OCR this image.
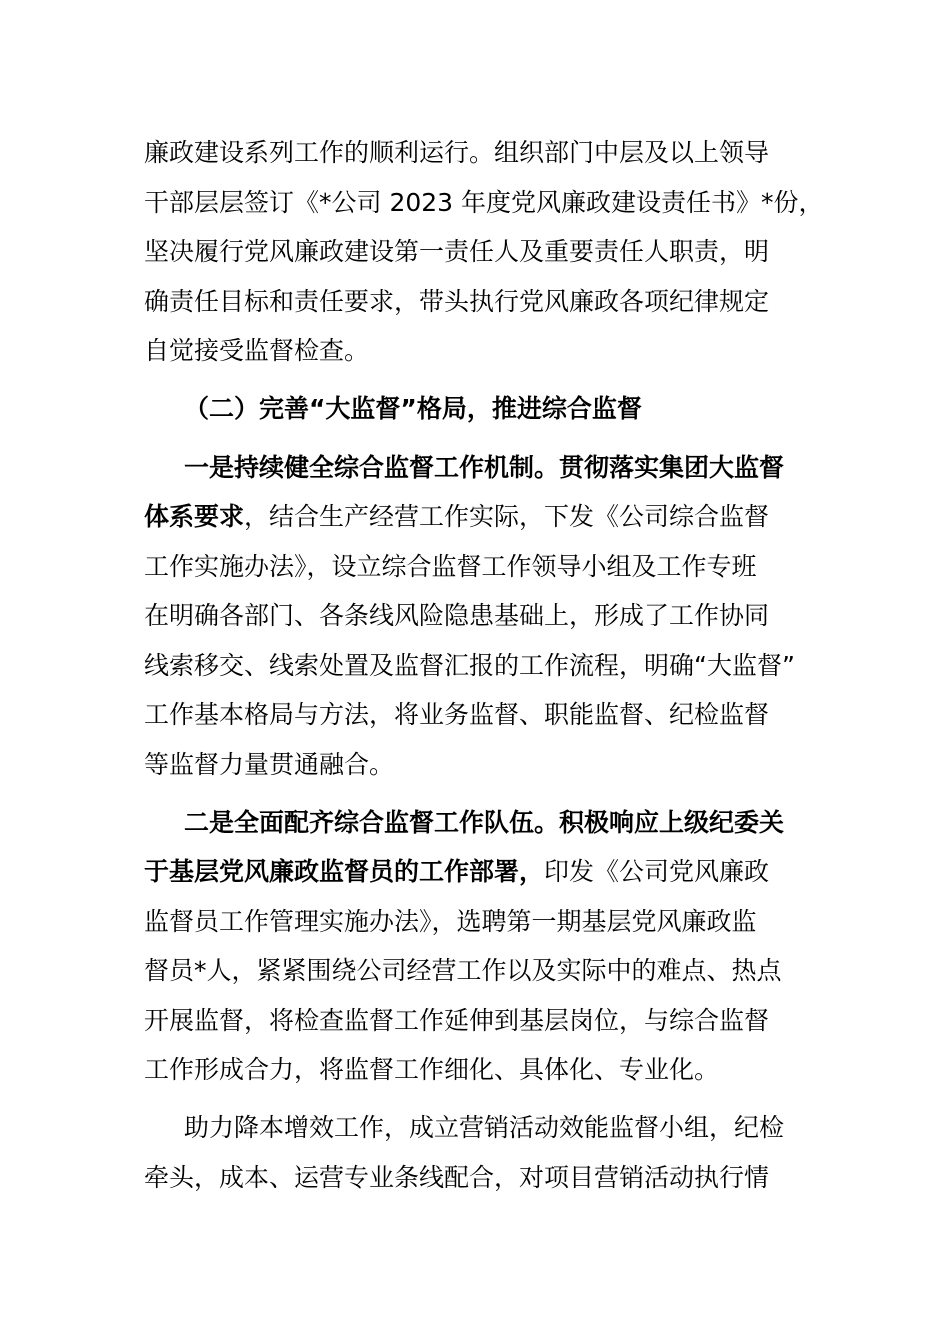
廉政建设系列工作的顺利运行。组织部门中层及以上领导
干部层层签订《*公司 2023 年度党风廉政建设责任书》*份，
坚决履行党风廉政建设第一责任人及重要责任人职责，明
确责任目标和责任要求，带头执行党风廉政各项纪律规定
自觉接受监督检查。
（二）完善“大监督”格局，推进综合监督
一是持续健全综合监督工作机制。贯彻落实集团大监督
体系要求，结合生产经营工作实际，下发《公司综合监督
工作实施办法》，设立综合监督工作领导小组及工作专班
在明确各部门、各条线风险隐患基础上，形成了工作协同
线索移交、线索处置及监督汇报的工作流程，明确“大监督”
工作基本格局与方法，将业务监督、职能监督、纪检监督
等监督力量贯通融合。
二是全面配齐综合监督工作队伍。积极响应上级纪委关
于基层党风廉政监督员的工作部署，印发《公司党风廉政
监督员工作管理实施办法》，选聘第一期基层党风廉政监
督员*人，紧紧围绕公司经营工作以及实际中的难点、热点
开展监督，将检查监督工作延伸到基层岗位，与综合监督
工作形成合力，将监督工作细化、具体化、专业化。
助力降本增效工作，成立营销活动效能监督小组，纪检
牵头，成本、运营专业条线配合，对项目营销活动执行情
